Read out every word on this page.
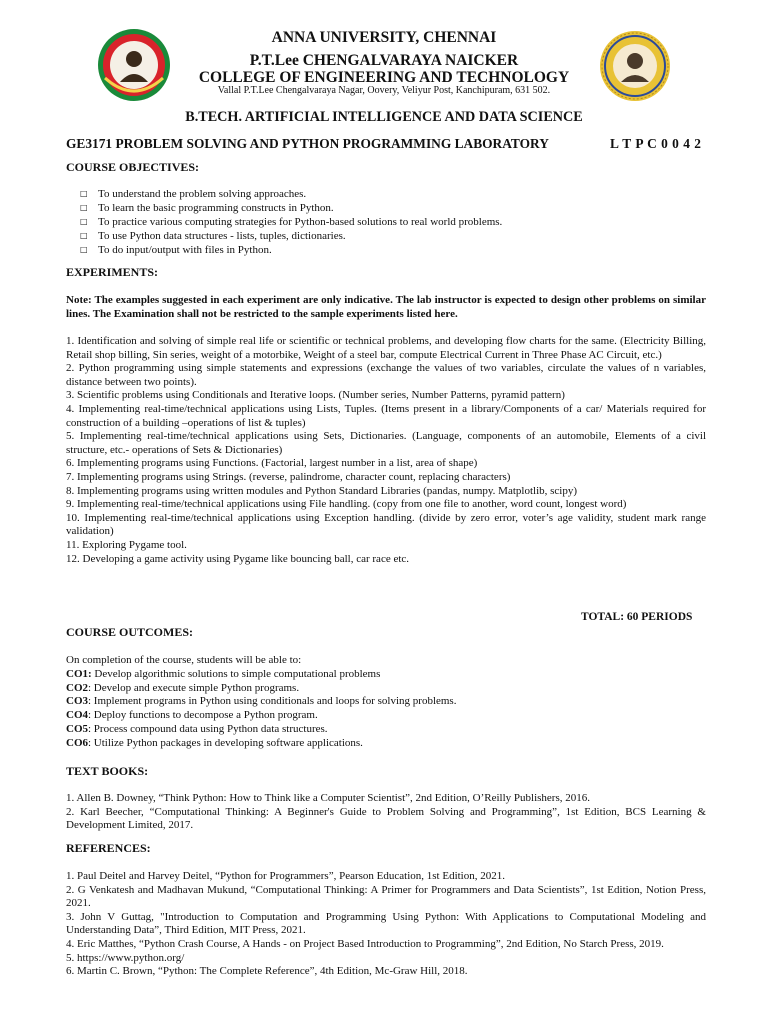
ANNA UNIVERSITY, CHENNAI
P.T.Lee CHENGALVARAYA NAICKER
COLLEGE OF ENGINEERING AND TECHNOLOGY
Vallal P.T.Lee Chengalvaraya Nagar, Oovery, Veliyur Post, Kanchipuram, 631 502.
B.TECH. ARTIFICIAL INTELLIGENCE AND DATA SCIENCE
GE3171 PROBLEM SOLVING AND PYTHON PROGRAMMING LABORATORY	L T P C 0 0 4 2
COURSE OBJECTIVES:
□ To understand the problem solving approaches.
□ To learn the basic programming constructs in Python.
□ To practice various computing strategies for Python-based solutions to real world problems.
□ To use Python data structures - lists, tuples, dictionaries.
□ To do input/output with files in Python.
EXPERIMENTS:
Note: The examples suggested in each experiment are only indicative. The lab instructor is expected to design other problems on similar lines. The Examination shall not be restricted to the sample experiments listed here.

1. Identification and solving of simple real life or scientific or technical problems, and developing flow charts for the same. (Electricity Billing, Retail shop billing, Sin series, weight of a motorbike, Weight of a steel bar, compute Electrical Current in Three Phase AC Circuit, etc.)

2. Python programming using simple statements and expressions (exchange the values of two variables, circulate the values of n variables, distance between two points).

3. Scientific problems using Conditionals and Iterative loops. (Number series, Number Patterns, pyramid pattern)

4. Implementing real-time/technical applications using Lists, Tuples. (Items present in a library/Components of a car/ Materials required for construction of a building –operations of list & tuples)

5. Implementing real-time/technical applications using Sets, Dictionaries. (Language, components of an automobile, Elements of a civil structure, etc.- operations of Sets & Dictionaries)

6. Implementing programs using Functions. (Factorial, largest number in a list, area of shape)

7. Implementing programs using Strings. (reverse, palindrome, character count, replacing characters)

8. Implementing programs using written modules and Python Standard Libraries (pandas, numpy. Matplotlib, scipy)

9. Implementing real-time/technical applications using File handling. (copy from one file to another, word count, longest word)

10. Implementing real-time/technical applications using Exception handling. (divide by zero error, voter’s age validity, student mark range validation)

11. Exploring Pygame tool.

12. Developing a game activity using Pygame like bouncing ball, car race etc.

TOTAL: 60 PERIODS
COURSE OUTCOMES:
On completion of the course, students will be able to:
CO1: Develop algorithmic solutions to simple computational problems
CO2: Develop and execute simple Python programs.
CO3: Implement programs in Python using conditionals and loops for solving problems.
CO4: Deploy functions to decompose a Python program.
CO5: Process compound data using Python data structures.
CO6: Utilize Python packages in developing software applications.
TEXT BOOKS:

1. Allen B. Downey, “Think Python: How to Think like a Computer Scientist”, 2nd Edition, O’Reilly Publishers, 2016.

2. Karl Beecher, “Computational Thinking: A Beginner's Guide to Problem Solving and Programming”, 1st Edition, BCS Learning & Development Limited, 2017.

REFERENCES:

1. Paul Deitel and Harvey Deitel, “Python for Programmers”, Pearson Education, 1st Edition, 2021.

2. G Venkatesh and Madhavan Mukund, “Computational Thinking: A Primer for Programmers and Data Scientists”, 1st Edition, Notion Press, 2021.

3. John V Guttag, "Introduction to Computation and Programming Using Python: With Applications to Computational Modeling and Understanding Data”, Third Edition, MIT Press, 2021.

4. Eric Matthes, “Python Crash Course, A Hands - on Project Based Introduction to Programming”, 2nd Edition, No Starch Press, 2019.

5. https://www.python.org/

6. Martin C. Brown, “Python: The Complete Reference”, 4th Edition, Mc-Graw Hill, 2018.
